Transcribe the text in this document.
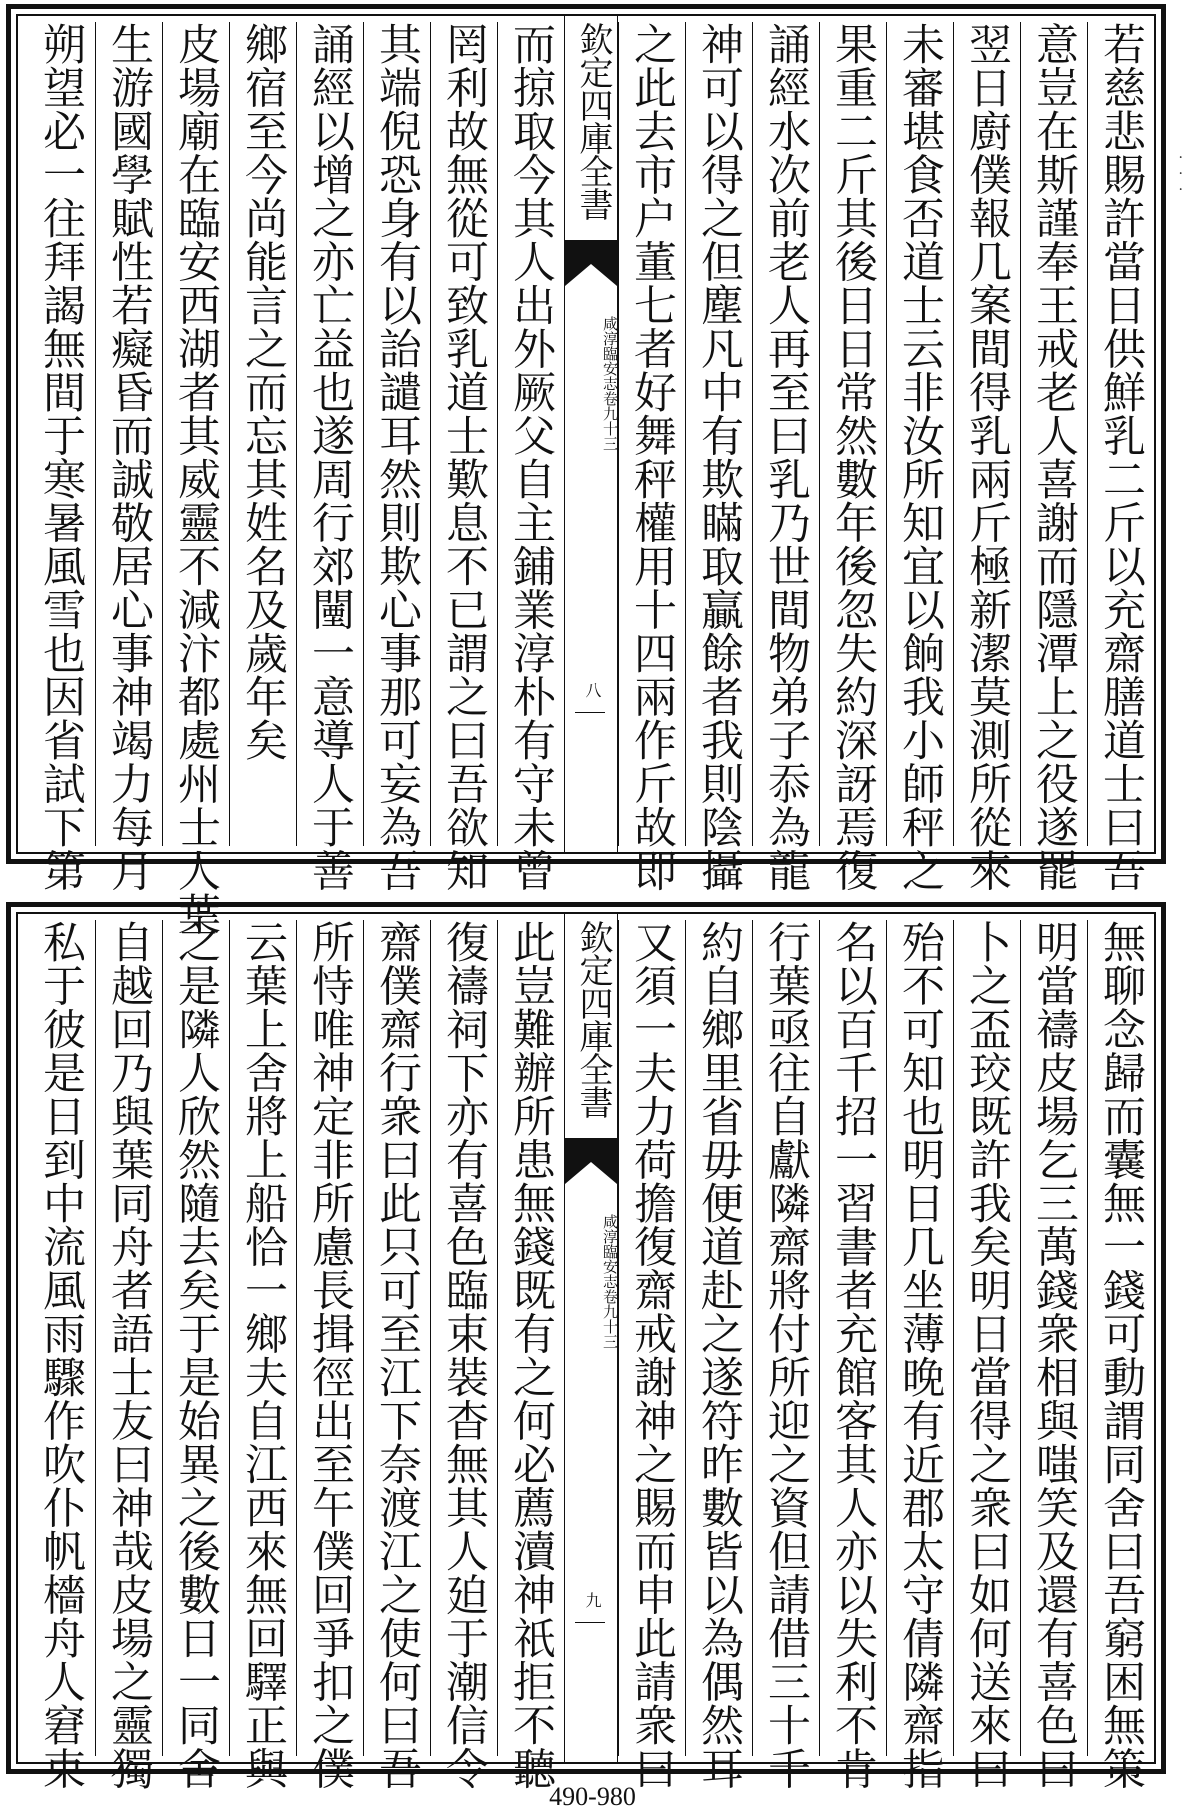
若慈悲賜許當日供鮮乳二斤以充齋膳道士曰吾
意豈在斯謹奉王戒老人喜謝而隱潭上之役遂罷
翌日廚僕報几案間得乳兩斤極新潔莫測所從來
未審堪食否道士云非汝所知宜以餉我小師秤之
果重二斤其後日日常然數年後忽失約深訝焉復
誦經水次前老人再至曰乳乃世間物弟子忝為龍
神可以得之但塵凡中有欺瞞取贏餘者我則陰攝
之此去市户董七者好舞秤權用十四兩作斤故即
而掠取今其人出外厥父自主鋪業淳朴有守未曾
罔利故無從可致乳道士歎息不已謂之曰吾欲知
其端倪恐身有以詒譴耳然則欺心事那可妄為吾
誦經以增之亦亡益也遂周行郊闉一意導人于善
鄉宿至今尚能言之而忘其姓名及歲年矣
皮場廟在臨安西湖者其威靈不減汴都處州士人葉
生游國學賦性若癡昏而誠敬居心事神竭力每月
朔望必一往拜謁無間于寒暑風雪也因省試下第	欽定四庫全書
咸淳臨安志
卷九十三
八
無聊念歸而囊無一錢可動謂同舍曰吾窮困無策
明當禱皮場乞三萬錢衆相與嗤笑及還有喜色曰
卜之盃珓既許我矣明日當得之衆曰如何送來曰
殆不可知也明日几坐薄晚有近郡太守倩隣齋指
名以百千招一習書者充館客其人亦以失利不肯
行葉亟往自獻隣齋將付所迎之資但請借三十千
約自鄉里省毋便道赴之遂符昨數皆以為偶然耳
又須一夫力荷擔復齋戒謝神之賜而申此請衆曰
此豈難辦所患無錢既有之何必薦瀆神祇拒不聽
復禱祠下亦有喜色臨束裝杳無其人廹于潮信令
齋僕齋行衆曰此只可至江下奈渡江之使何曰吾
所恃唯神定非所慮長揖徑出至午僕回爭扣之僕
云葉上舍將上船恰一鄉夫自江西來無回驛正與
之是隣人欣然隨去矣于是始異之後數日一同舍
自越回乃與葉同舟者語士友曰神哉皮場之靈獨
私于彼是日到中流風雨驟作吹仆帆檣舟人窘束	欽定四庫全書
咸淳臨安志
卷九十三
九
·
·
·
490-980
